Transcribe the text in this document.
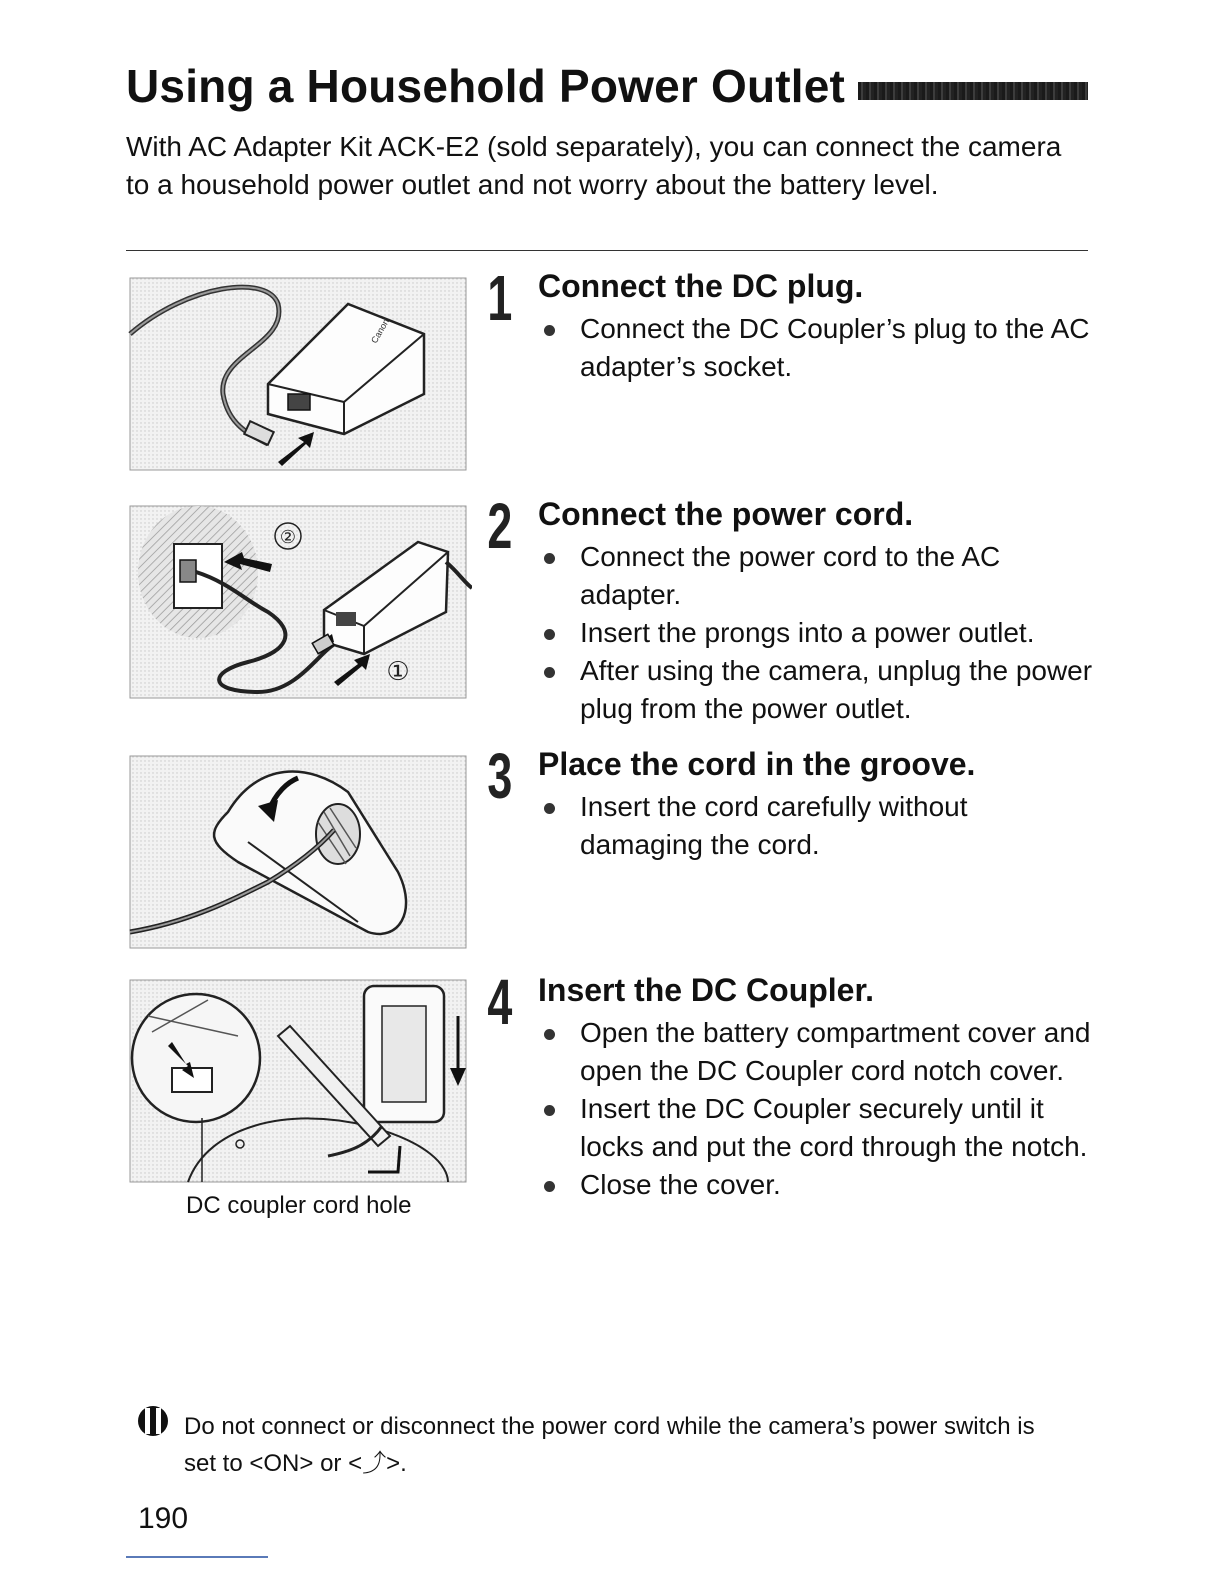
Using a Household Power Outlet
With AC Adapter Kit ACK-E2 (sold separately), you can connect the camera to a household power outlet and not worry about the battery level.
Canon
②
①
DC coupler cord hole
1
2
3
4
Connect the DC plug.
Connect the DC Coupler’s plug to the AC adapter’s socket.
Connect the power cord.
Connect the power cord to the AC adapter.
Insert the prongs into a power outlet.
After using the camera, unplug the power plug from the power outlet.
Place the cord in the groove.
Insert the cord carefully without damaging the cord.
Insert the DC Coupler.
Open the battery compartment cover and open the DC Coupler cord notch cover.
Insert the DC Coupler securely until it locks and put the cord through the notch.
Close the cover.
Do not connect or disconnect the power cord while the camera’s power switch is set to <ON> or <⤴>.
190
